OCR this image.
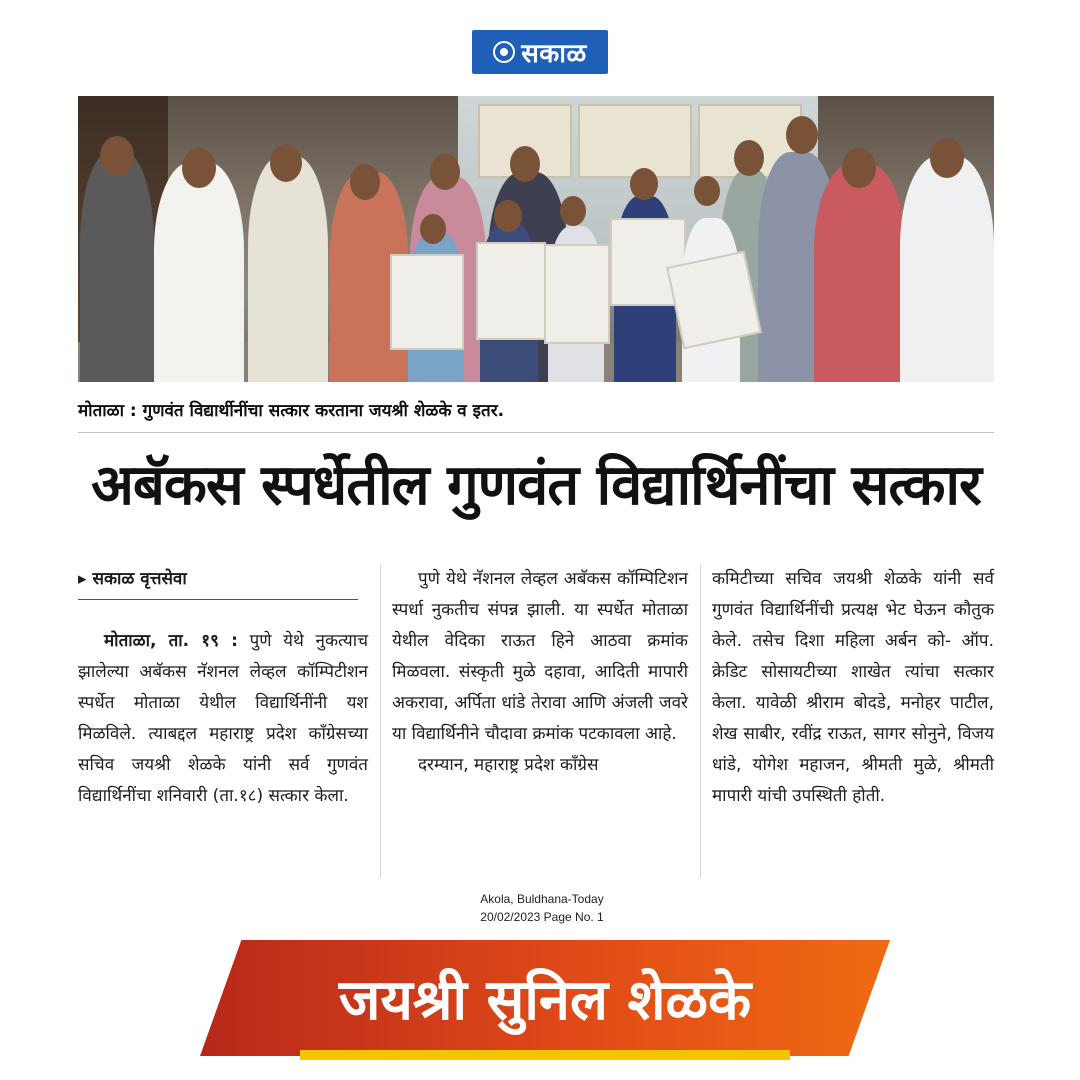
सकाळ
मोताळा : गुणवंत विद्यार्थीनींचा सत्कार करताना जयश्री शेळके व इतर.
अबॅकस स्पर्धेतील गुणवंत विद्यार्थिनींचा सत्कार
▸ सकाळ वृत्तसेवा

मोताळा, ता. १९ : पुणे येथे नुकत्याच झालेल्या अबॅकस नॅशनल लेव्हल कॉम्पिटीशन स्पर्धेत मोताळा येथील विद्यार्थिनींनी यश मिळविले. त्याबद्दल महाराष्ट्र प्रदेश काँग्रेसच्या सचिव जयश्री शेळके यांनी सर्व गुणवंत विद्यार्थिनींचा शनिवारी (ता.१८) सत्कार केला.

पुणे येथे नॅशनल लेव्हल अबॅकस कॉम्पिटिशन स्पर्धा नुकतीच संपन्न झाली. या स्पर्धेत मोताळा येथील वेदिका राऊत हिने आठवा क्रमांक मिळवला. संस्कृती मुळे दहावा, आदिती मापारी अकरावा, अर्पिता धांडे तेरावा आणि अंजली जवरे या विद्यार्थिनीने चौदावा क्रमांक पटकावला आहे.

दरम्यान, महाराष्ट्र प्रदेश काँग्रेस

कमिटीच्या सचिव जयश्री शेळके यांनी सर्व गुणवंत विद्यार्थिनींची प्रत्यक्ष भेट घेऊन कौतुक केले. तसेच दिशा महिला अर्बन को- ऑप. क्रेडिट सोसायटीच्या शाखेत त्यांचा सत्कार केला. यावेळी श्रीराम बोदडे, मनोहर पाटील, शेख साबीर, रवींद्र राऊत, सागर सोनुने, विजय धांडे, योगेश महाजन, श्रीमती मुळे, श्रीमती मापारी यांची उपस्थिती होती.

Akola, Buldhana-Today
20/02/2023 Page No. 1
जयश्री सुनिल शेळके
